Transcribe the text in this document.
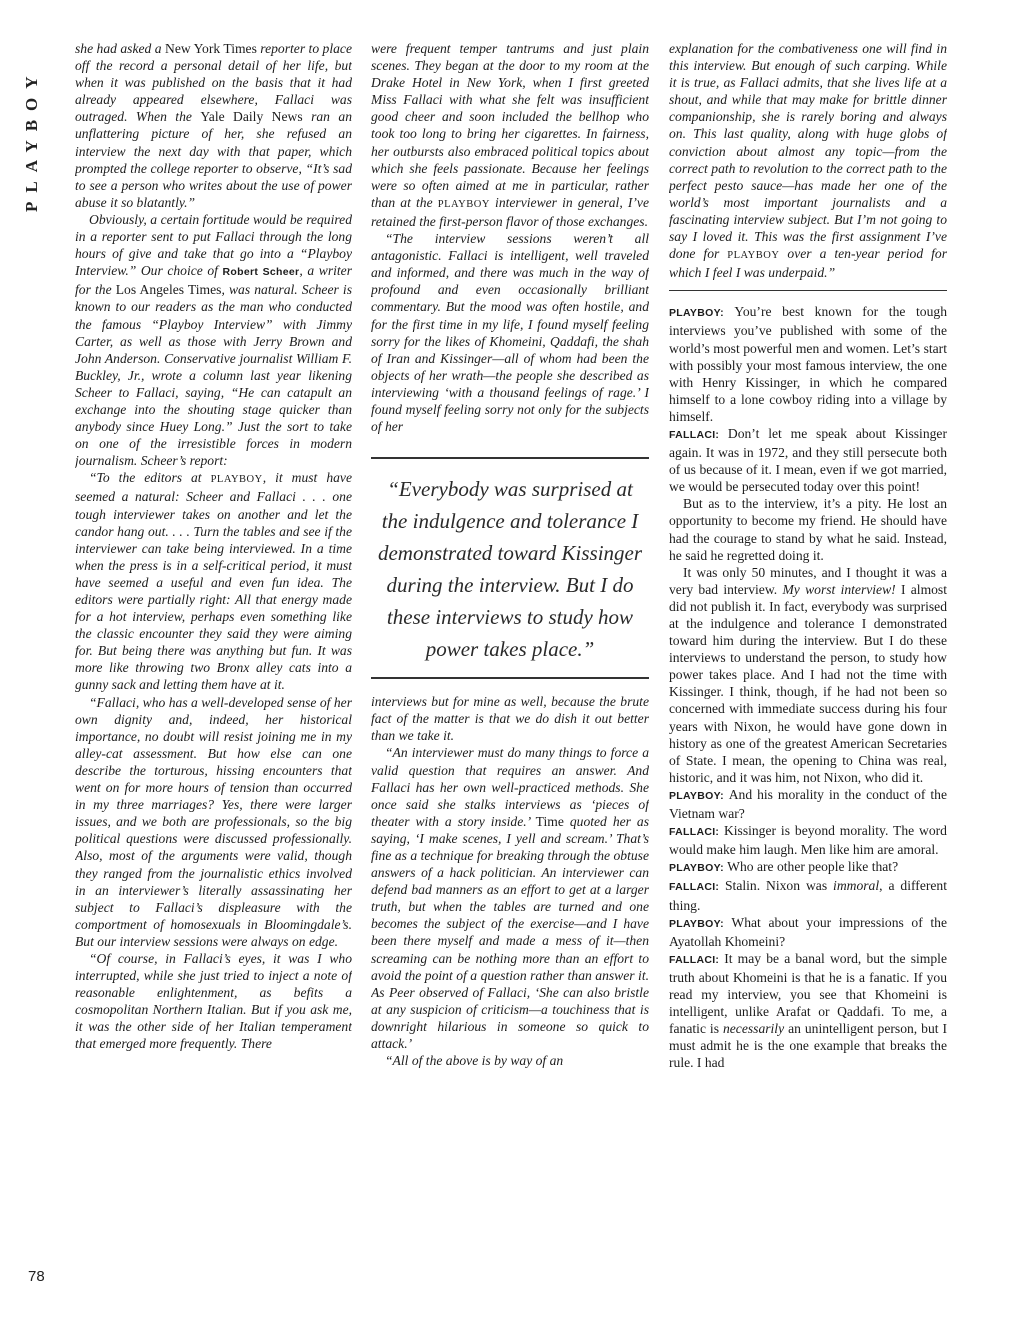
PLAYBOY
78

she had asked a New York Times reporter to place off the record a personal detail of her life, but when it was published on the basis that it had already appeared elsewhere, Fallaci was outraged. When the Yale Daily News ran an unflattering picture of her, she refused an interview the next day with that paper, which prompted the college reporter to observe, “It’s sad to see a person who writes about the use of power abuse it so blatantly.”

Obviously, a certain fortitude would be required in a reporter sent to put Fallaci through the long hours of give and take that go into a “Playboy Interview.” Our choice of Robert Scheer, a writer for the Los Angeles Times, was natural. Scheer is known to our readers as the man who conducted the famous “Playboy Interview” with Jimmy Carter, as well as those with Jerry Brown and John Anderson. Conservative journalist William F. Buckley, Jr., wrote a column last year likening Scheer to Fallaci, saying, “He can catapult an exchange into the shouting stage quicker than anybody since Huey Long.” Just the sort to take on one of the irresistible forces in modern journalism. Scheer’s report:

“To the editors at PLAYBOY, it must have seemed a natural: Scheer and Fallaci . . . one tough interviewer takes on another and let the candor hang out. . . . Turn the tables and see if the interviewer can take being interviewed. In a time when the press is in a self-critical period, it must have seemed a useful and even fun idea. The editors were partially right: All that energy made for a hot interview, perhaps even something like the classic encounter they said they were aiming for. But being there was anything but fun. It was more like throwing two Bronx alley cats into a gunny sack and letting them have at it.

“Fallaci, who has a well-developed sense of her own dignity and, indeed, her historical importance, no doubt will resist joining me in my alley-cat assessment. But how else can one describe the torturous, hissing encounters that went on for more hours of tension than occurred in my three marriages? Yes, there were larger issues, and we both are professionals, so the big political questions were discussed professionally. Also, most of the arguments were valid, though they ranged from the journalistic ethics involved in an interviewer’s literally assassinating her subject to Fallaci’s displeasure with the comportment of homosexuals in Bloomingdale’s. But our interview sessions were always on edge.

“Of course, in Fallaci’s eyes, it was I who interrupted, while she just tried to inject a note of reasonable enlightenment, as befits a cosmopolitan Northern Italian. But if you ask me, it was the other side of her Italian temperament that emerged more frequently. There

were frequent temper tantrums and just plain scenes. They began at the door to my room at the Drake Hotel in New York, when I first greeted Miss Fallaci with what she felt was insufficient good cheer and soon included the bellhop who took too long to bring her cigarettes. In fairness, her outbursts also embraced political topics about which she feels passionate. Because her feelings were so often aimed at me in particular, rather than at the PLAYBOY interviewer in general, I’ve retained the first-person flavor of those exchanges.

“The interview sessions weren’t all antagonistic. Fallaci is intelligent, well traveled and informed, and there was much in the way of profound and even occasionally brilliant commentary. But the mood was often hostile, and for the first time in my life, I found myself feeling sorry for the likes of Khomeini, Qaddafi, the shah of Iran and Kissinger—all of whom had been the objects of her wrath—the people she described as interviewing ‘with a thousand feelings of rage.’ I found myself feeling sorry not only for the subjects of her

“Everybody was surprised at the indulgence and tolerance I demonstrated toward Kissinger during the interview. But I do these interviews to study how power takes place.”

interviews but for mine as well, because the brute fact of the matter is that we do dish it out better than we take it.

“An interviewer must do many things to force a valid question that requires an answer. And Fallaci has her own well-practiced methods. She once said she stalks interviews as ‘pieces of theater with a story inside.’ Time quoted her as saying, ‘I make scenes, I yell and scream.’ That’s fine as a technique for breaking through the obtuse answers of a hack politician. An interviewer can defend bad manners as an effort to get at a larger truth, but when the tables are turned and one becomes the subject of the exercise—and I have been there myself and made a mess of it—then screaming can be nothing more than an effort to avoid the point of a question rather than answer it. As Peer observed of Fallaci, ‘She can also bristle at any suspicion of criticism—a touchiness that is downright hilarious in someone so quick to attack.’

“All of the above is by way of an

explanation for the combativeness one will find in this interview. But enough of such carping. While it is true, as Fallaci admits, that she lives life at a shout, and while that may make for brittle dinner companionship, she is rarely boring and always on. This last quality, along with huge globs of conviction about almost any topic—from the correct path to revolution to the correct path to the perfect pesto sauce—has made her one of the world’s most important journalists and a fascinating interview subject. But I’m not going to say I loved it. This was the first assignment I’ve done for PLAYBOY over a ten-year period for which I feel I was underpaid.”

PLAYBOY: You’re best known for the tough interviews you’ve published with some of the world’s most powerful men and women. Let’s start with possibly your most famous interview, the one with Henry Kissinger, in which he compared himself to a lone cowboy riding into a village by himself.

FALLACI: Don’t let me speak about Kissinger again. It was in 1972, and they still persecute both of us because of it. I mean, even if we got married, we would be persecuted today over this point!

But as to the interview, it’s a pity. He lost an opportunity to become my friend. He should have had the courage to stand by what he said. Instead, he said he regretted doing it.

It was only 50 minutes, and I thought it was a very bad interview. My worst interview! I almost did not publish it. In fact, everybody was surprised at the indulgence and tolerance I demonstrated toward him during the interview. But I do these interviews to understand the person, to study how power takes place. And I had not the time with Kissinger. I think, though, if he had not been so concerned with immediate success during his four years with Nixon, he would have gone down in history as one of the greatest American Secretaries of State. I mean, the opening to China was real, historic, and it was him, not Nixon, who did it.

PLAYBOY: And his morality in the conduct of the Vietnam war?

FALLACI: Kissinger is beyond morality. The word would make him laugh. Men like him are amoral.

PLAYBOY: Who are other people like that?

FALLACI: Stalin. Nixon was immoral, a different thing.

PLAYBOY: What about your impressions of the Ayatollah Khomeini?

FALLACI: It may be a banal word, but the simple truth about Khomeini is that he is a fanatic. If you read my interview, you see that Khomeini is intelligent, unlike Arafat or Qaddafi. To me, a fanatic is necessarily an unintelligent person, but I must admit he is the one example that breaks the rule. I had
